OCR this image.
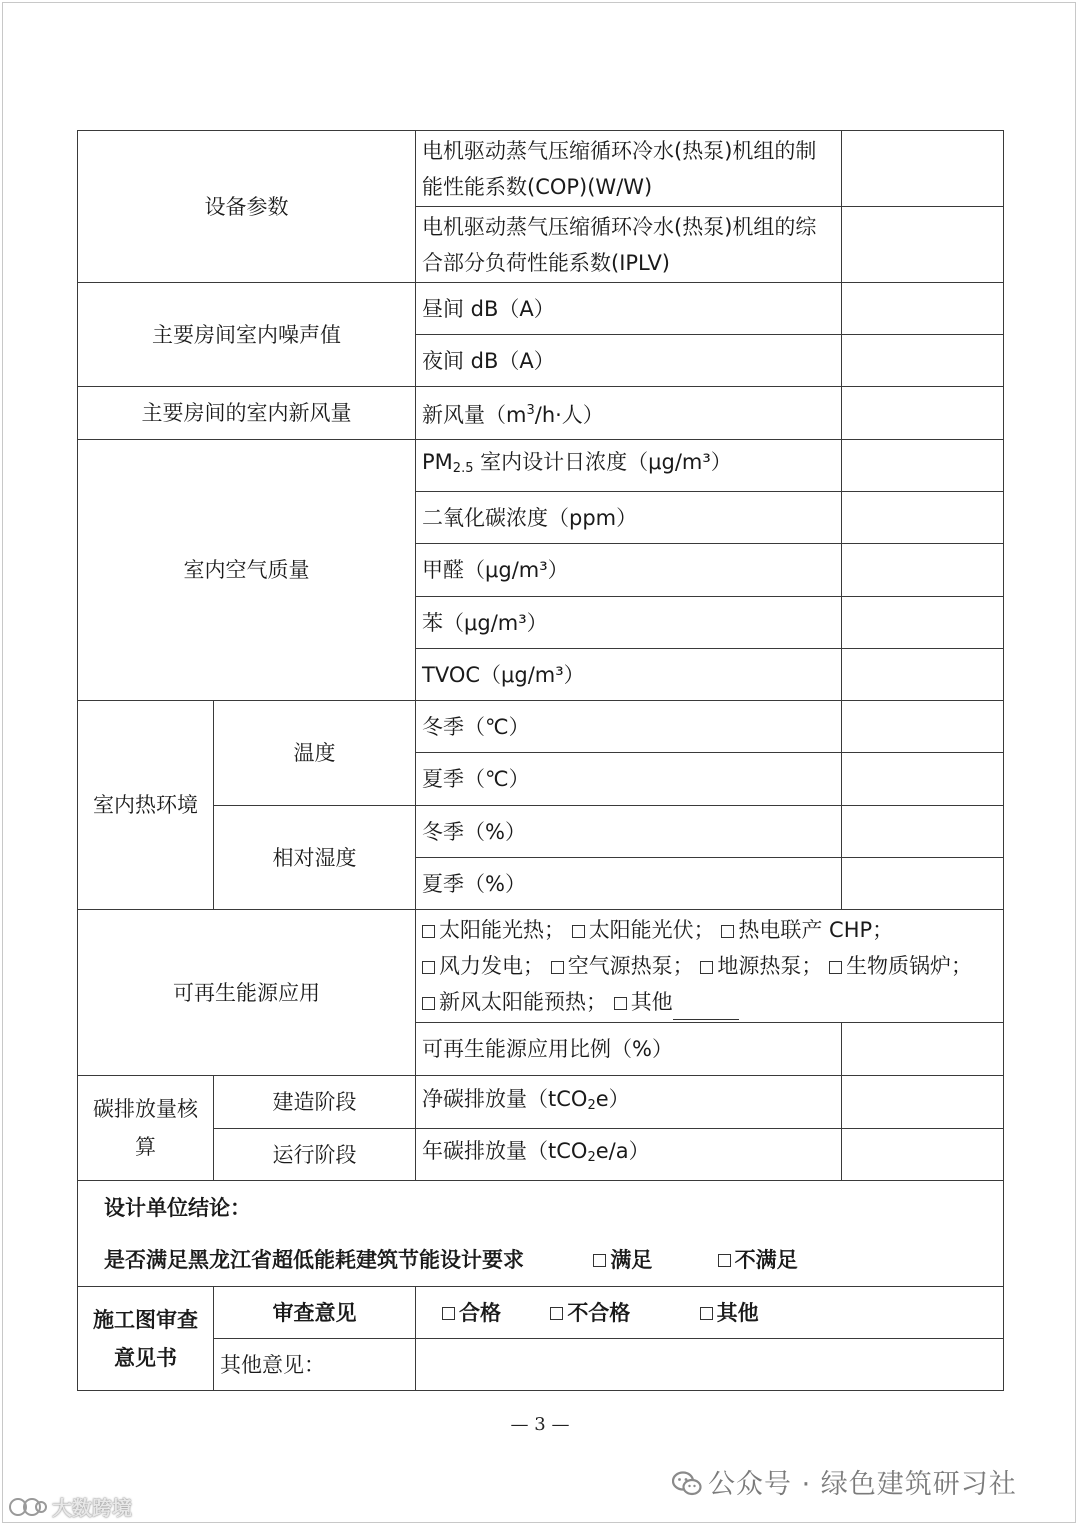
设备参数		电机驱动蒸气压缩循环冷水(热泵)机组的制能性能系数(COP)(W/W)	
		电机驱动蒸气压缩循环冷水(热泵)机组的综合部分负荷性能系数(IPLV)	
主要房间室内噪声值		昼间 dB（A）	
		夜间 dB（A）	
主要房间的室内新风量		新风量（$m^3/h\cdot$人）	
室内空气质量		$PM_{2.5}$ 室内设计日浓度（μg/m³）	
		二氧化碳浓度（ppm）	
		甲醛（μg/m³）	
		苯（μg/m³）	
		TVOC（μg/m³）	
室内热环境	温度	冬季（℃）	
		夏季（℃）	
	相对湿度	冬季（%）	
		夏季（%）	
可再生能源应用		太阳能光热； 太阳能光伏； 热电联产 CHP； 风力发电； 空气源热泵； 地源热泵； 生物质锅炉； 新风太阳能预热； 其他	
		可再生能源应用比例（%）	
碳排放量核算	建造阶段	净碳排放量（tCO$_2$e）	
	运行阶段	年碳排放量（tCO$_2$e/a）	

设计单位结论：
是否满足黑龙江省超低能耗建筑节能设计要求 满足 不满足			

施工图审查意见书	审查意见	合格 不合格 其他	
	其他意见：		
— 3 —
公众号 · 绿色建筑研习社
大数跨境
